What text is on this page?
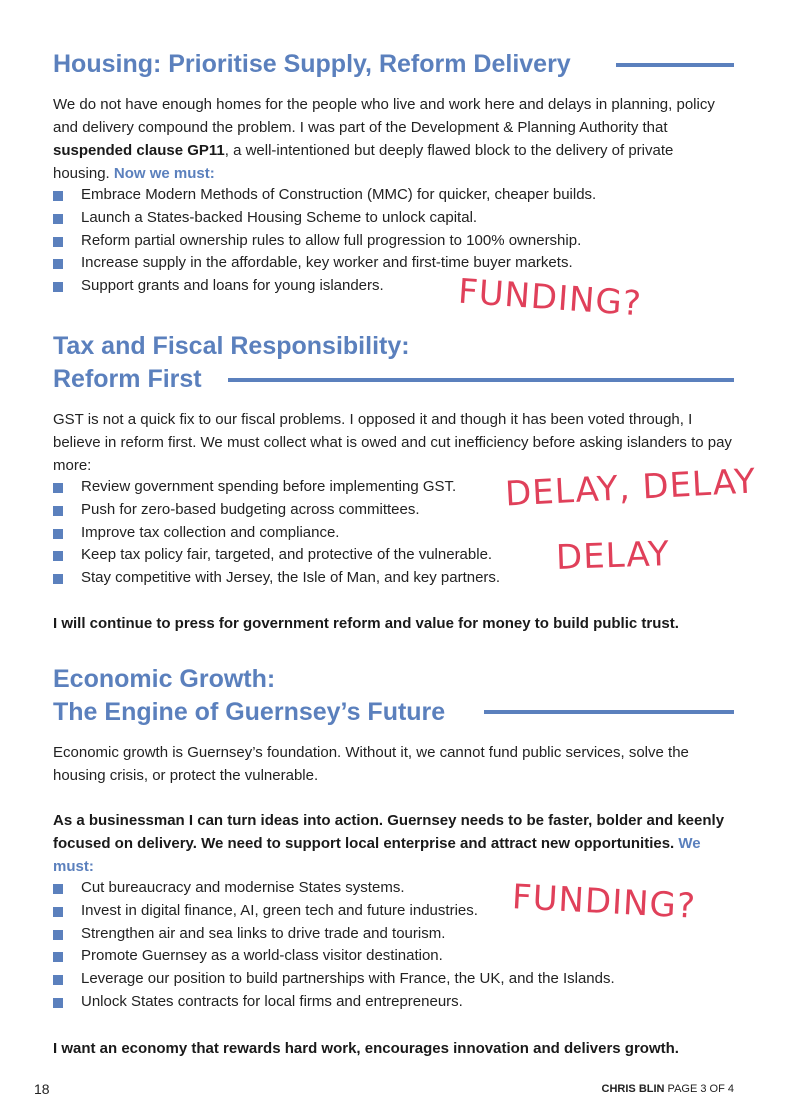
Housing: Prioritise Supply, Reform Delivery

We do not have enough homes for the people who live and work here and delays in planning, policy and delivery compound the problem. I was part of the Development & Planning Authority that suspended clause GP11, a well-intentioned but deeply flawed block to the delivery of private housing. Now we must:

Embrace Modern Methods of Construction (MMC) for quicker, cheaper builds.
Launch a States-backed Housing Scheme to unlock capital.
Reform partial ownership rules to allow full progression to 100% ownership.
Increase supply in the affordable, key worker and first-time buyer markets.
Support grants and loans for young islanders.	FUNDING?
Tax and Fiscal Responsibility:
Reform First

GST is not a quick fix to our fiscal problems. I opposed it and though it has been voted through, I believe in reform first. We must collect what is owed and cut inefficiency before asking islanders to pay more:

Review government spending before implementing GST.
Push for zero-based budgeting across committees.
Improve tax collection and compliance.
Keep tax policy fair, targeted, and protective of the vulnerable.
Stay competitive with Jersey, the Isle of Man, and key partners.
DELAY, DELAY
DELAY

I will continue to press for government reform and value for money to build public trust.

Economic Growth:
The Engine of Guernsey’s Future

Economic growth is Guernsey’s foundation. Without it, we cannot fund public services, solve the housing crisis, or protect the vulnerable.

As a businessman I can turn ideas into action. Guernsey needs to be faster, bolder and keenly focused on delivery. We need to support local enterprise and attract new opportunities. We must:

Cut bureaucracy and modernise States systems.
Invest in digital finance, AI, green tech and future industries.
Strengthen air and sea links to drive trade and tourism.
Promote Guernsey as a world-class visitor destination.
Leverage our position to build partnerships with France, the UK, and the Islands.
Unlock States contracts for local firms and entrepreneurs.
FUNDING?

I want an economy that rewards hard work, encourages innovation and delivers growth.

18	CHRIS BLIN PAGE 3 OF 4
